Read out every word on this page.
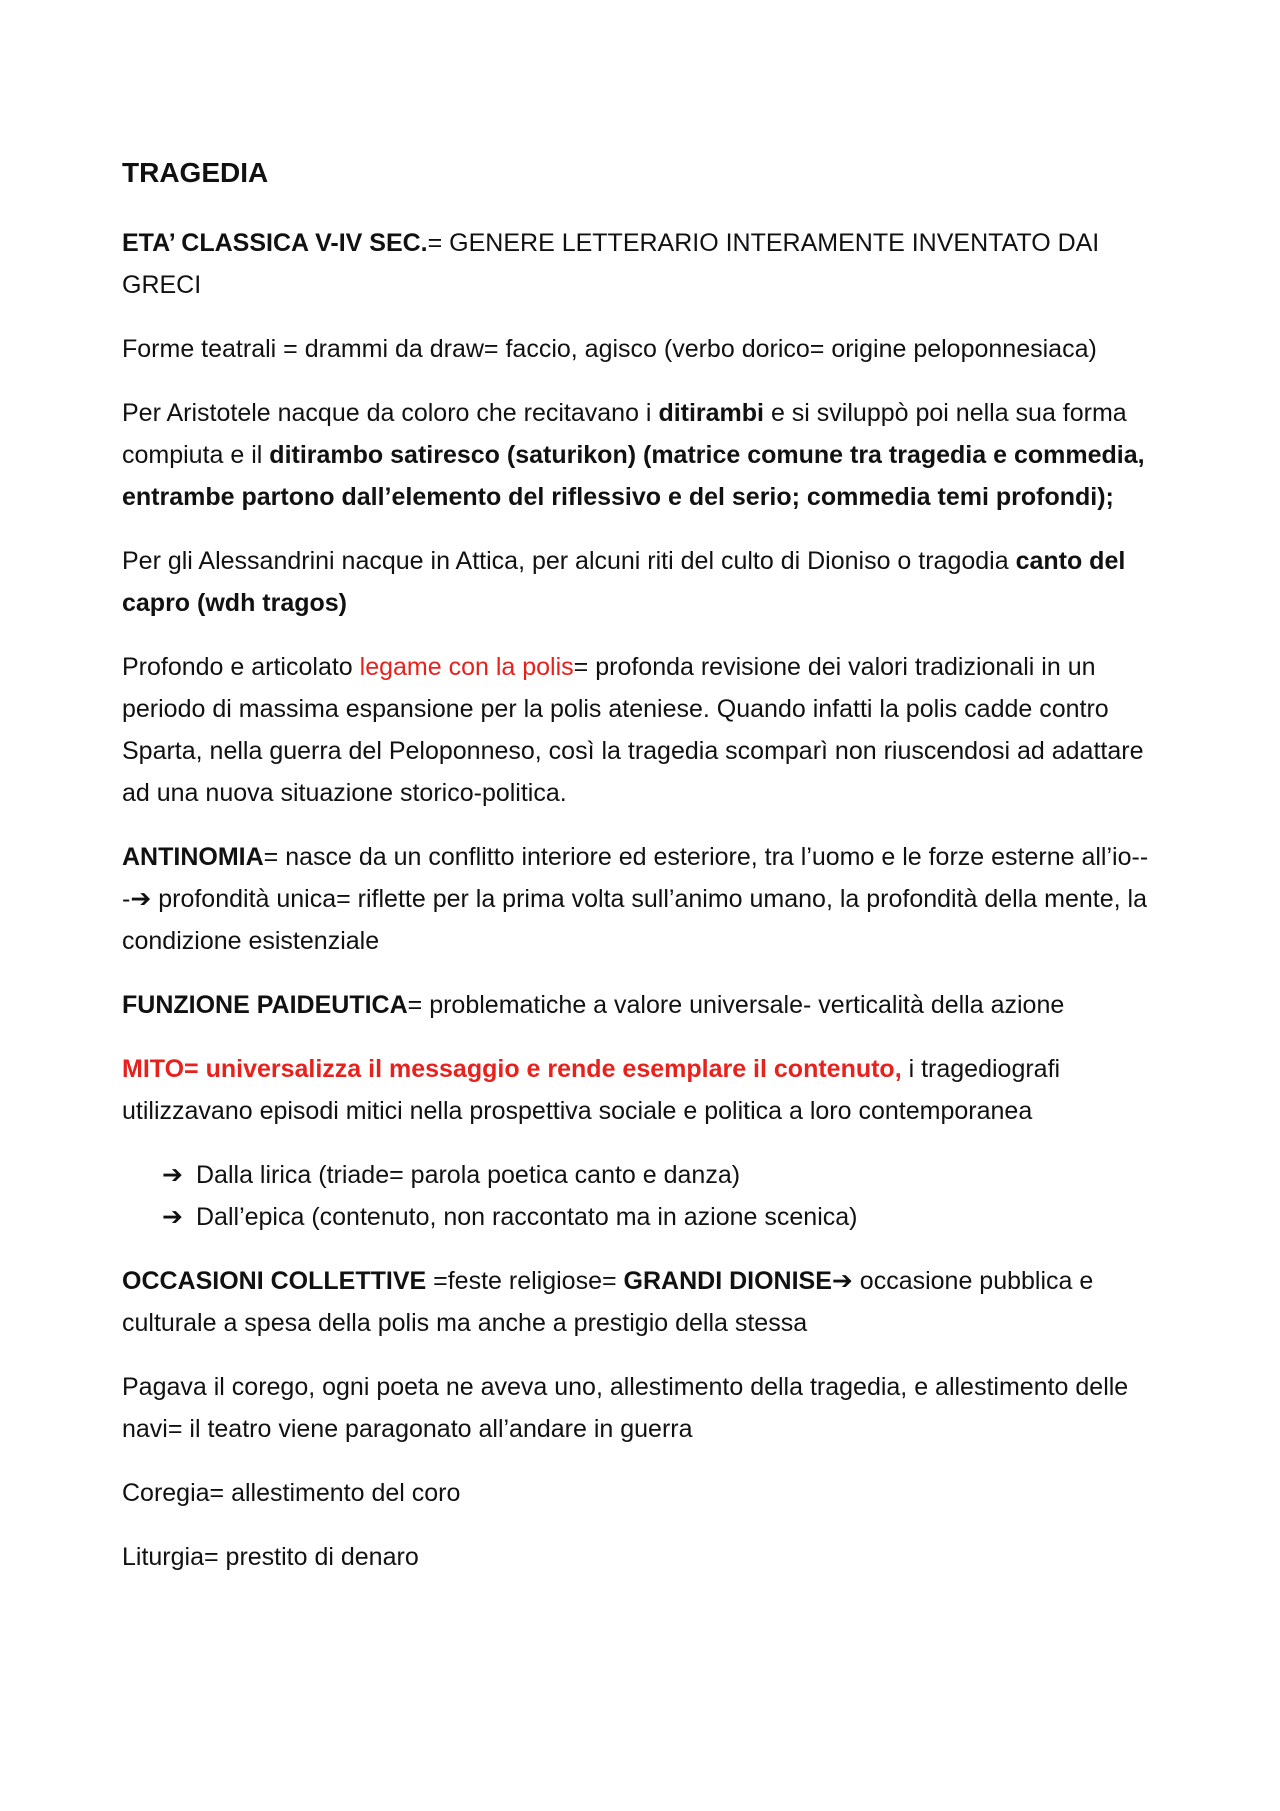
TRAGEDIA

ETA’ CLASSICA V-IV SEC.= GENERE LETTERARIO INTERAMENTE INVENTATO DAI GRECI

Forme teatrali = drammi da draw= faccio, agisco (verbo dorico= origine peloponnesiaca)

Per Aristotele nacque da coloro che recitavano i ditirambi e si sviluppò poi nella sua forma compiuta e il ditirambo satiresco (saturikon) (matrice comune tra tragedia e commedia, entrambe partono dall’elemento del riflessivo e del serio; commedia temi profondi);

Per gli Alessandrini nacque in Attica, per alcuni riti del culto di Dioniso o tragodia canto del capro (wdh tragos)

Profondo e articolato legame con la polis= profonda revisione dei valori tradizionali in un periodo di massima espansione per la polis ateniese. Quando infatti la polis cadde contro Sparta, nella guerra del Peloponneso, così la tragedia scomparì non riuscendosi ad adattare ad una nuova situazione storico-politica.

ANTINOMIA= nasce da un conflitto interiore ed esteriore, tra l’uomo e le forze esterne all’io---➔ profondità unica= riflette per la prima volta sull’animo umano, la profondità della mente, la condizione esistenziale

FUNZIONE PAIDEUTICA= problematiche a valore universale- verticalità della azione

MITO= universalizza il messaggio e rende esemplare il contenuto, i tragediografi utilizzavano episodi mitici nella prospettiva sociale e politica a loro contemporanea

➔ Dalla lirica (triade= parola poetica canto e danza)
➔ Dall’epica (contenuto, non raccontato ma in azione scenica)

OCCASIONI COLLETTIVE =feste religiose= GRANDI DIONISE➔ occasione pubblica e culturale a spesa della polis ma anche a prestigio della stessa

Pagava il corego, ogni poeta ne aveva uno, allestimento della tragedia, e allestimento delle navi= il teatro viene paragonato all’andare in guerra

Coregia= allestimento del coro

Liturgia= prestito di denaro
